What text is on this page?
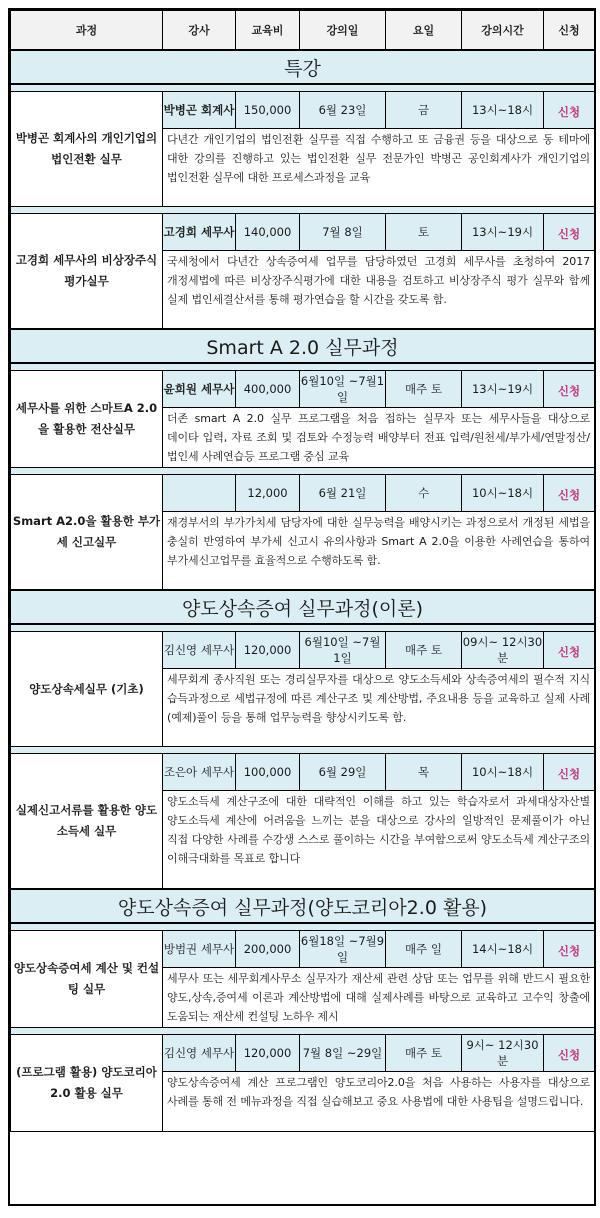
과정	강사	교육비	강의일	요일	강의시간	신청
특강						

박병곤 회계사의 개인기업의 법인전환 실무	박병곤 회계사	150,000	6월 23일	금	13시~18시	신청
	다년간 개인기업의 법인전환 실무를 직접 수행하고 또 금융권 등을 대상으로 동 테마에 대한 강의를 진행하고 있는 법인전환 실무 전문가인 박병곤 공인회계사가 개인기업의 법인전환 실무에 대한 프로세스과정을 교육					

고경희 세무사의 비상장주식평가실무	고경희 세무사	140,000	7월 8일	토	13시~19시	신청
	국세청에서 다년간 상속증여세 업무를 담당하였던 고경희 세무사를 초청하여 2017 개정세법에 따른 비상장주식평가에 대한 내용을 검토하고 비상장주식 평가 실무와 함께 실제 법인세결산서를 통해 평가연습을 할 시간을 갖도록 함.					
Smart A 2.0 실무과정						

세무사를 위한 스마트A 2.0을 활용한 전산실무	윤희원 세무사	400,000	6월10일 ~7월1일	매주 토	13시~19시	신청
	더존 smart A 2.0 실무 프로그램을 처음 접하는 실무자 또는 세무사들을 대상으로 데이타 입력, 자료 조회 및 검토와 수정능력 배양부터 전표 입력/원천세/부가세/연말정산/법인세 사례연습등 프로그램 중심 교육					

Smart A2.0을 활용한 부가세 신고실무		12,000	6월 21일	수	10시~18시	신청
	재경부서의 부가가치세 담당자에 대한 실무능력을 배양시키는 과정으로서 개정된 세법을 충실히 반영하여 부가세 신고시 유의사항과 Smart A 2.0을 이용한 사례연습을 통하여 부가세신고업무를 효율적으로 수행하도록 함.					
양도상속증여 실무과정(이론)						

양도상속세실무 (기초)	김신영 세무사	120,000	6월10일 ~7월 1일	매주 토	09시~ 12시30분	신청
	세무회계 종사직원 또는 경리실무자를 대상으로 양도소득세와 상속증여세의 필수적 지식 습득과정으로 세법규정에 따른 계산구조 및 계산방법, 주요내용 등을 교육하고 실제 사례(예제)풀이 등을 통해 업무능력을 향상시키도록 함.					

실제신고서류를 활용한 양도소득세 실무	조은아 세무사	100,000	6월 29일	목	10시~18시	신청
	양도소득세 계산구조에 대한 대략적인 이해를 하고 있는 학습자로서 과세대상자산별 양도소득세 계산에 어려움을 느끼는 분을 대상으로 강사의 일방적인 문제풀이가 아닌 직접 다양한 사례를 수강생 스스로 풀이하는 시간을 부여함으로써 양도소득세 계산구조의 이해극대화를 목표로 합니다					
양도상속증여 실무과정(양도코리아2.0 활용)						

양도상속증여세 계산 및 컨설팅 실무	방범권 세무사	200,000	6월18일 ~7월9일	매주 일	14시~18시	신청
	세무사 또는 세무회계사무소 실무자가 재산세 관련 상담 또는 업무를 위해 반드시 필요한 양도,상속,증여세 이론과 계산방법에 대해 실제사례를 바탕으로 교육하고 고수익 창출에 도움되는 재산세 컨설팅 노하우 제시					

(프로그램 활용) 양도코리아 2.0 활용 실무	김신영 세무사	120,000	7월 8일 ~29일	매주 토	9시~ 12시30분	신청
	양도상속증여세 계산 프로그램인 양도코리아2.0을 처음 사용하는 사용자를 대상으로 사례를 통해 전 메뉴과정을 직접 실습해보고 중요 사용법에 대한 사용팁을 설명드립니다.					
